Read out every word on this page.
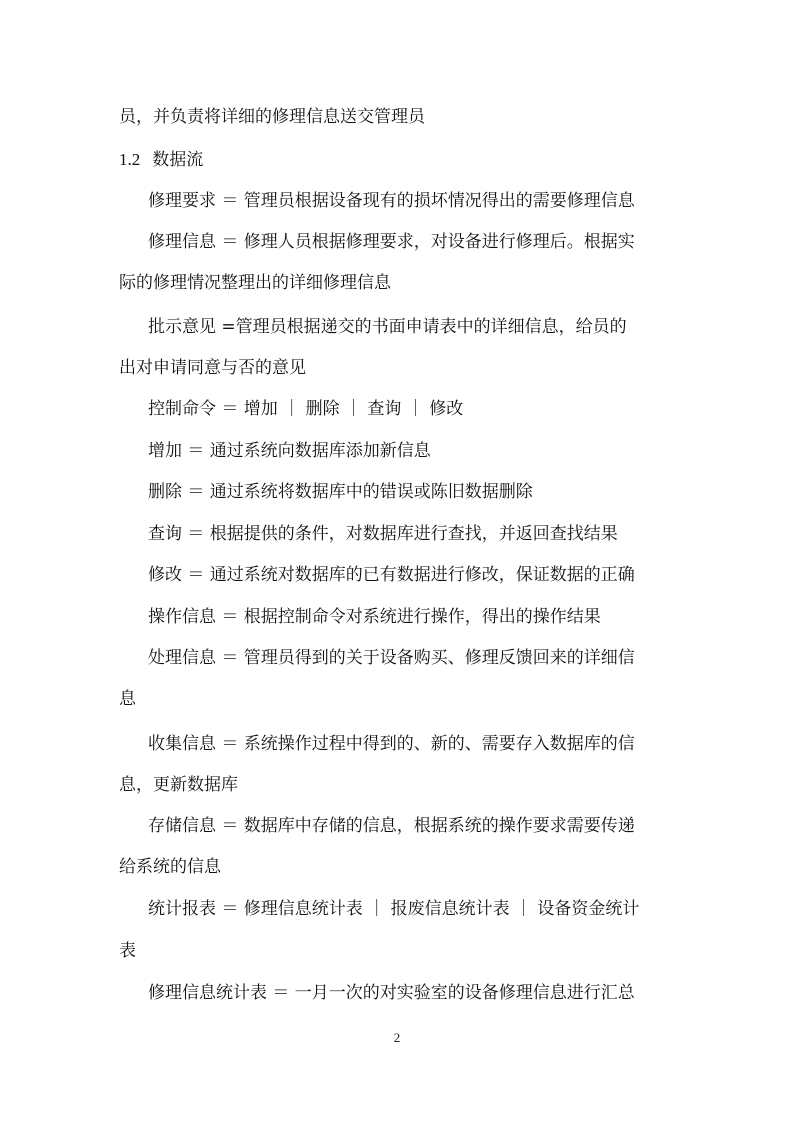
员，并负责将详细的修理信息送交管理员
1.2 数据流
修理要求 ＝ 管理员根据设备现有的损坏情况得出的需要修理信息
修理信息 ＝ 修理人员根据修理要求，对设备进行修理后。根据实
际的修理情况整理出的详细修理信息
批示意见 =管理员根据递交的书面申请表中的详细信息，给员的
出对申请同意与否的意见
控制命令 ＝ 增加 ｜ 删除 ｜ 查询 ｜ 修改
增加 ＝ 通过系统向数据库添加新信息
删除 ＝ 通过系统将数据库中的错误或陈旧数据删除
查询 ＝ 根据提供的条件，对数据库进行查找，并返回查找结果
修改 ＝ 通过系统对数据库的已有数据进行修改，保证数据的正确
操作信息 ＝ 根据控制命令对系统进行操作，得出的操作结果
处理信息 ＝ 管理员得到的关于设备购买、修理反馈回来的详细信
息
收集信息 ＝ 系统操作过程中得到的、新的、需要存入数据库的信
息，更新数据库
存储信息 ＝ 数据库中存储的信息，根据系统的操作要求需要传递
给系统的信息
统计报表 ＝ 修理信息统计表 ｜ 报废信息统计表 ｜ 设备资金统计
表
修理信息统计表 ＝ 一月一次的对实验室的设备修理信息进行汇总
2
